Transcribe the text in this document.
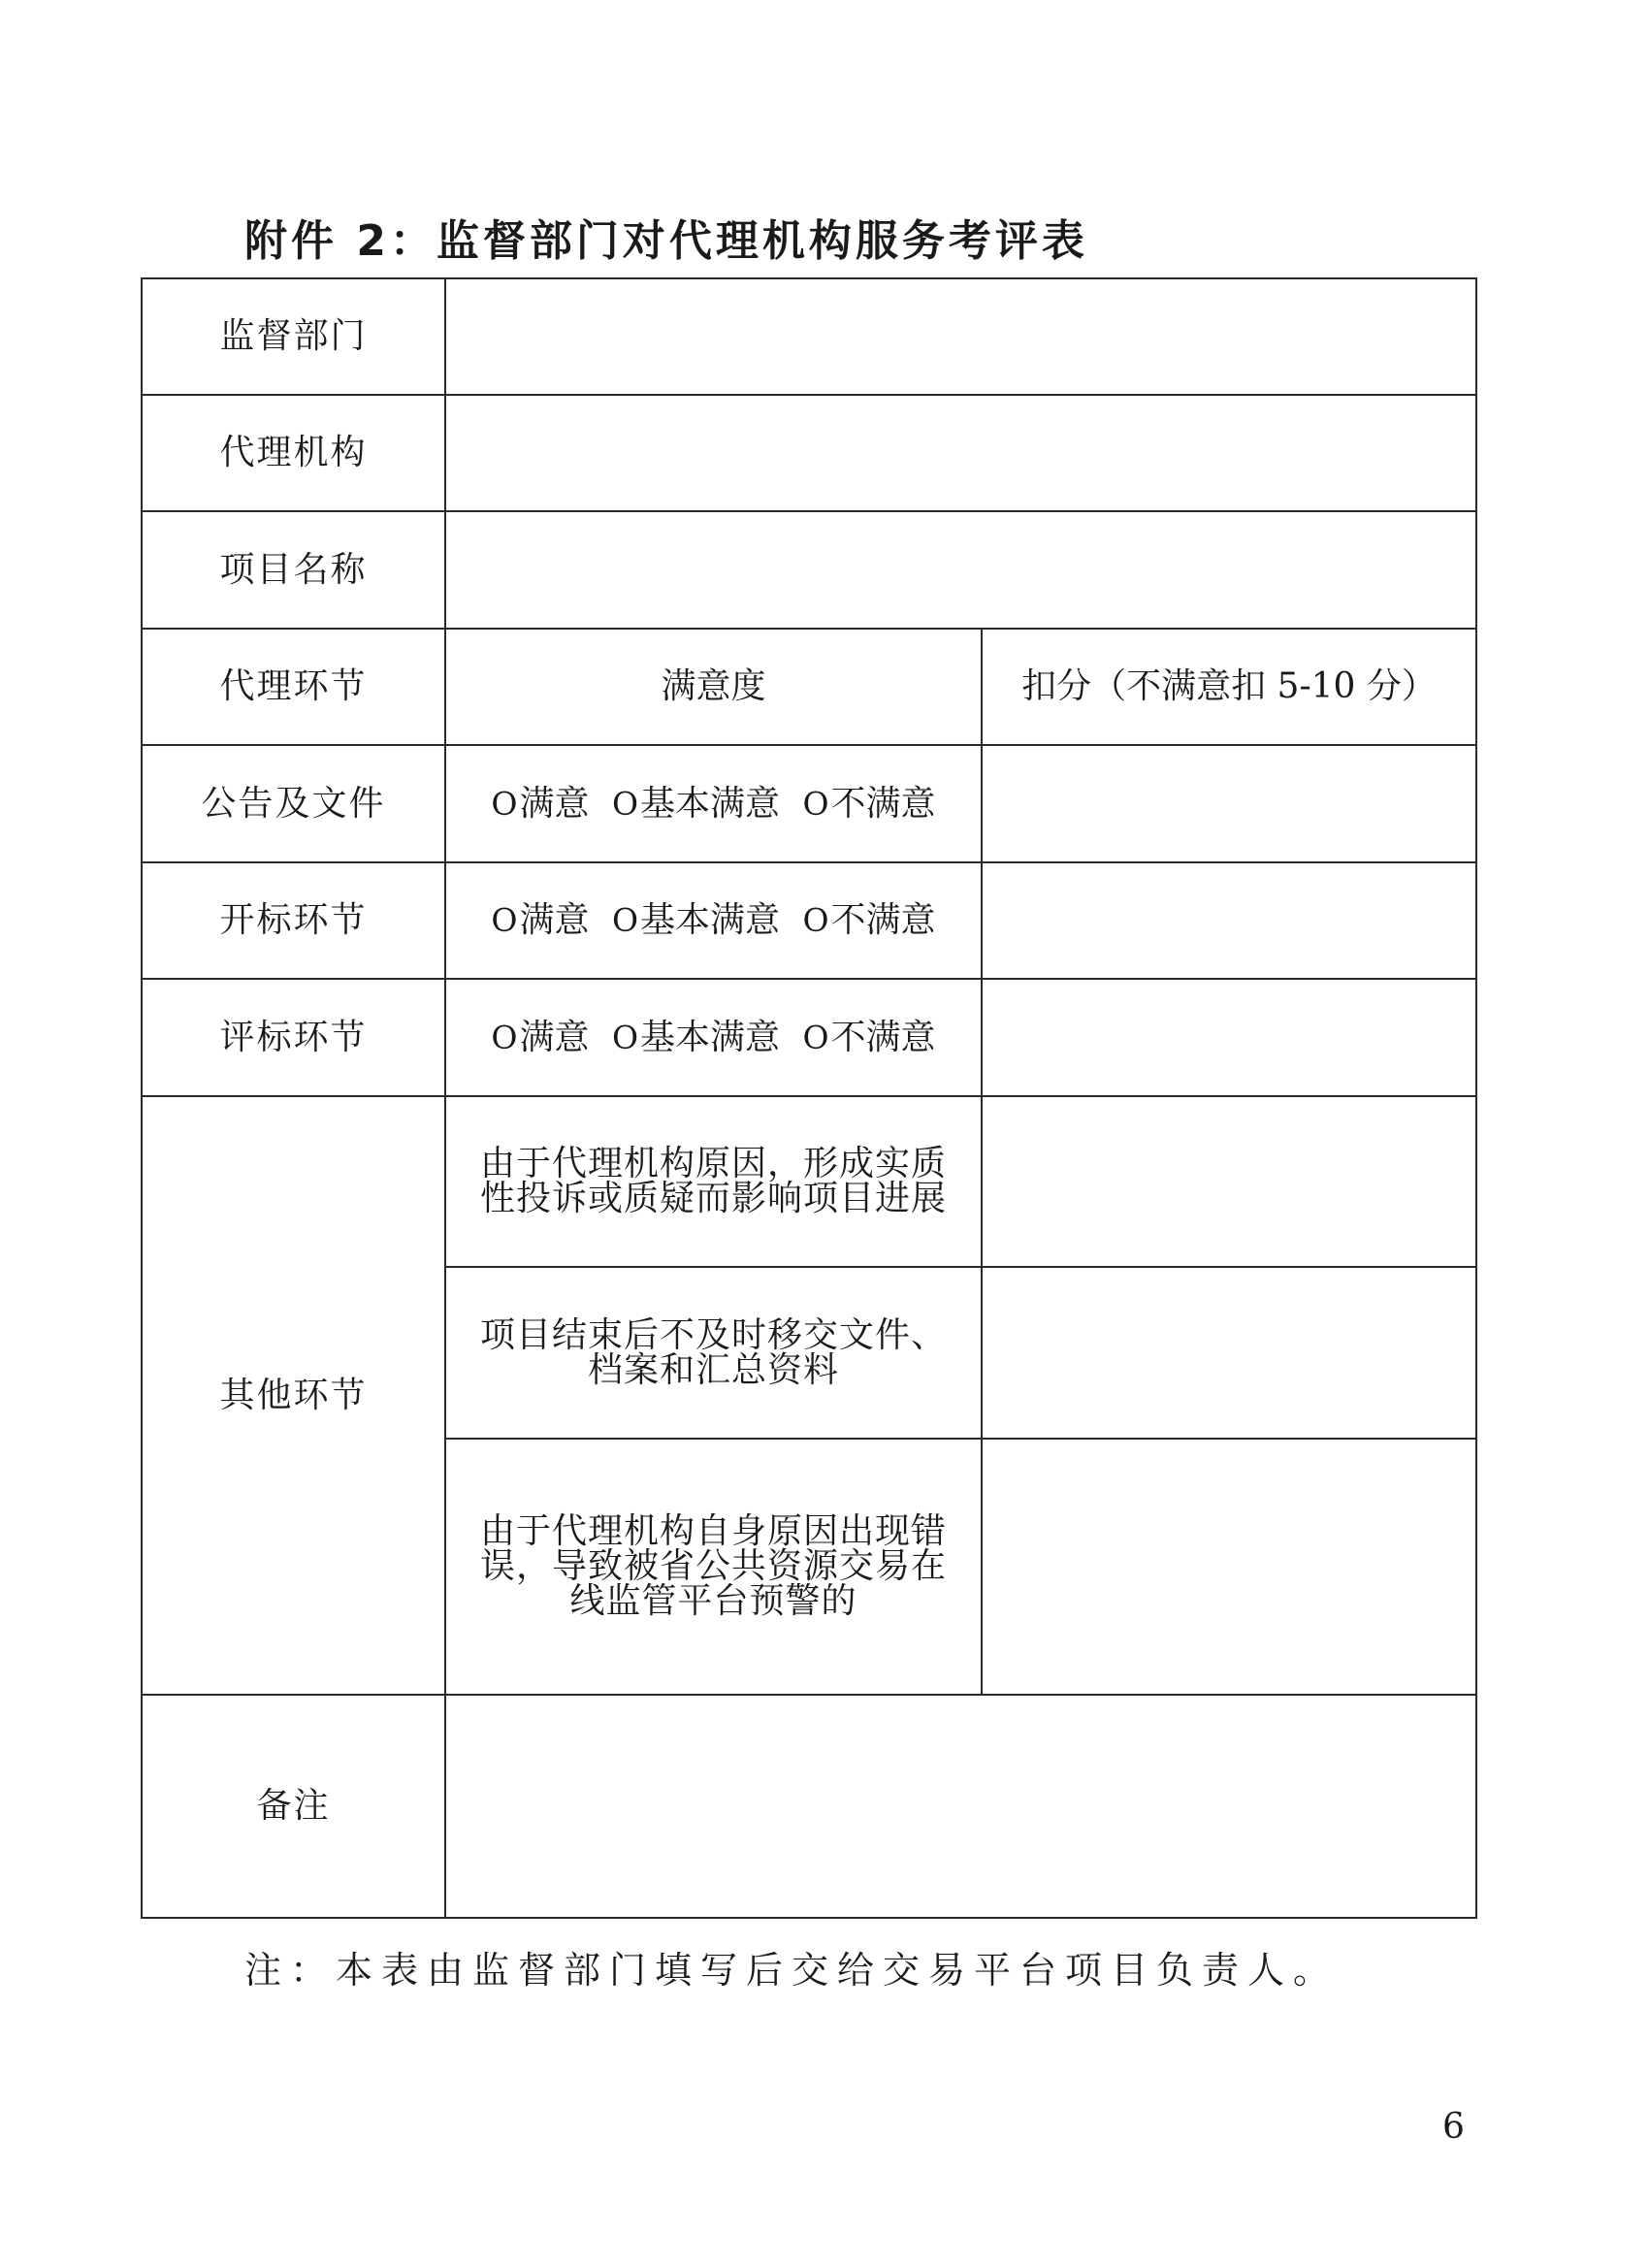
附件 2：监督部门对代理机构服务考评表
监督部门		
代理机构		
项目名称		
代理环节	满意度	扣分（不满意扣 5-10 分）
公告及文件	O满意 O基本满意 O不满意	
开标环节	O满意 O基本满意 O不满意	
评标环节	O满意 O基本满意 O不满意	
其他环节	由于代理机构原因，形成实质
性投诉或质疑而影响项目进展	

	项目结束后不及时移交文件、
档案和汇总资料	

	由于代理机构自身原因出现错
误，导致被省公共资源交易在
线监管平台预警的	

备注		

注：本表由监督部门填写后交给交易平台项目负责人。

6
